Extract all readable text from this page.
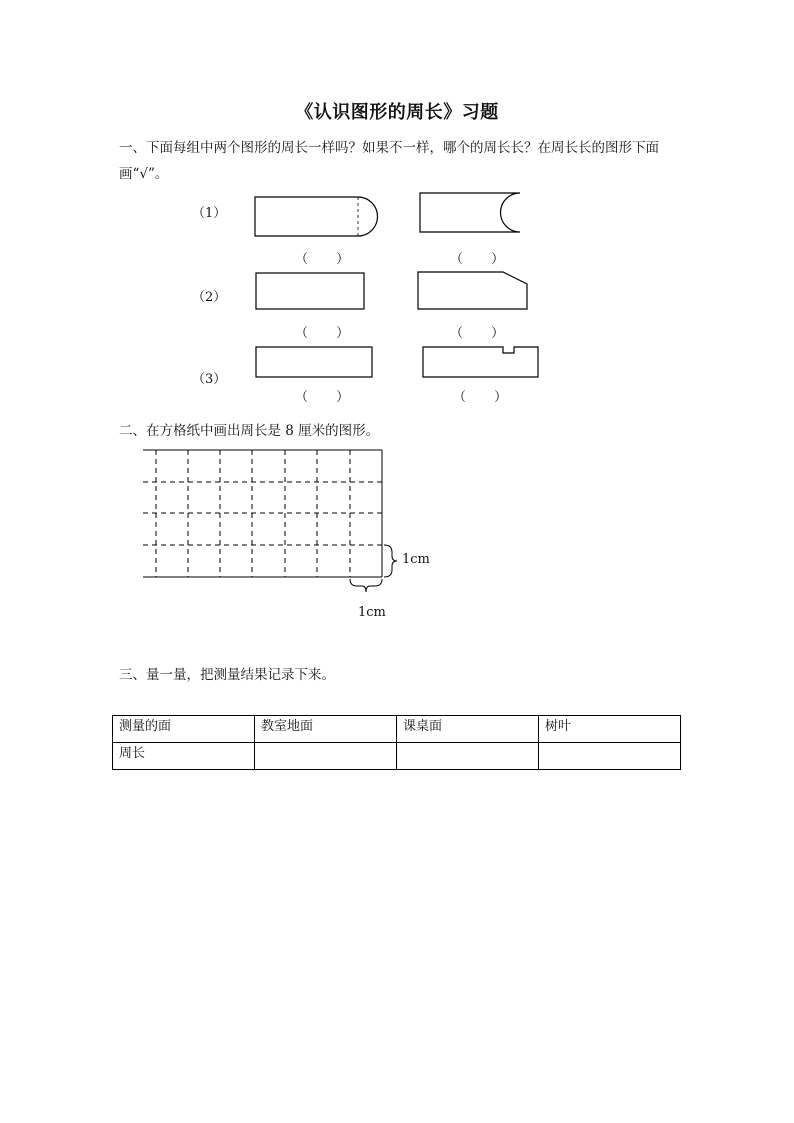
《认识图形的周长》习题
一、下面每组中两个图形的周长一样吗？如果不一样，哪个的周长长？在周长长的图形下面画“√”。
（1）
（2）
（3）
（ ）	（ ）
（ ）	（ ）
（ ）	（ ）
二、在方格纸中画出周长是 8 厘米的图形。
1cm
1cm
三、量一量，把测量结果记录下来。
测量的面	教室地面	课桌面	树叶
周长			
